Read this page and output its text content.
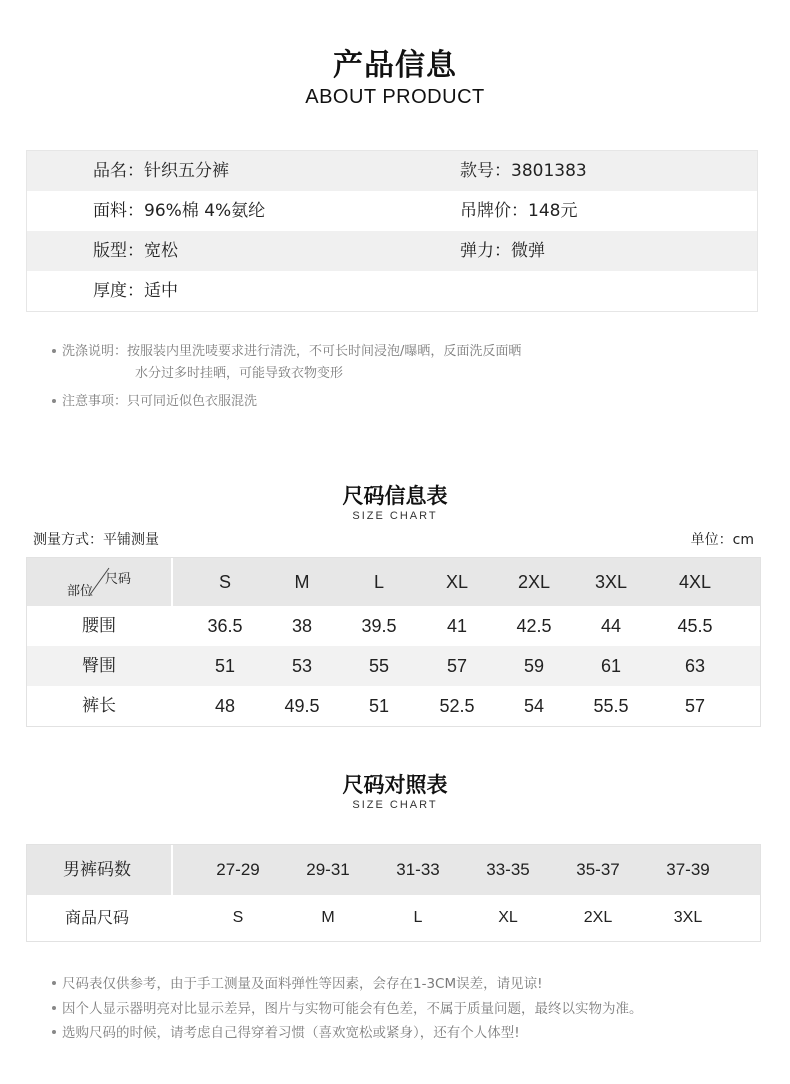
产品信息
ABOUT PRODUCT
品名：针织五分裤	款号：3801383
面料：96%棉 4%氨纶	吊牌价：148元
版型：宽松	弹力：微弹
厚度：适中
洗涤说明：按服装内里洗唛要求进行清洗，不可长时间浸泡/曝晒，反面洗反面晒
水分过多时挂晒，可能导致衣物变形
注意事项：只可同近似色衣服混洗
尺码信息表
SIZE CHART
测量方式：平铺测量	单位：cm
尺码
部位	S	M	L	XL	2XL	3XL	4XL
腰围	36.5	38	39.5	41	42.5	44	45.5
臀围	51	53	55	57	59	61	63
裤长	48	49.5	51	52.5	54	55.5	57
尺码对照表
SIZE CHART
男裤码数	27-29	29-31	31-33	33-35	35-37	37-39
商品尺码	S	M	L	XL	2XL	3XL
尺码表仅供参考，由于手工测量及面料弹性等因素，会存在1-3CM误差，请见谅!
因个人显示器明亮对比显示差异，图片与实物可能会有色差，不属于质量问题，最终以实物为准。
选购尺码的时候，请考虑自己得穿着习惯（喜欢宽松或紧身），还有个人体型!
